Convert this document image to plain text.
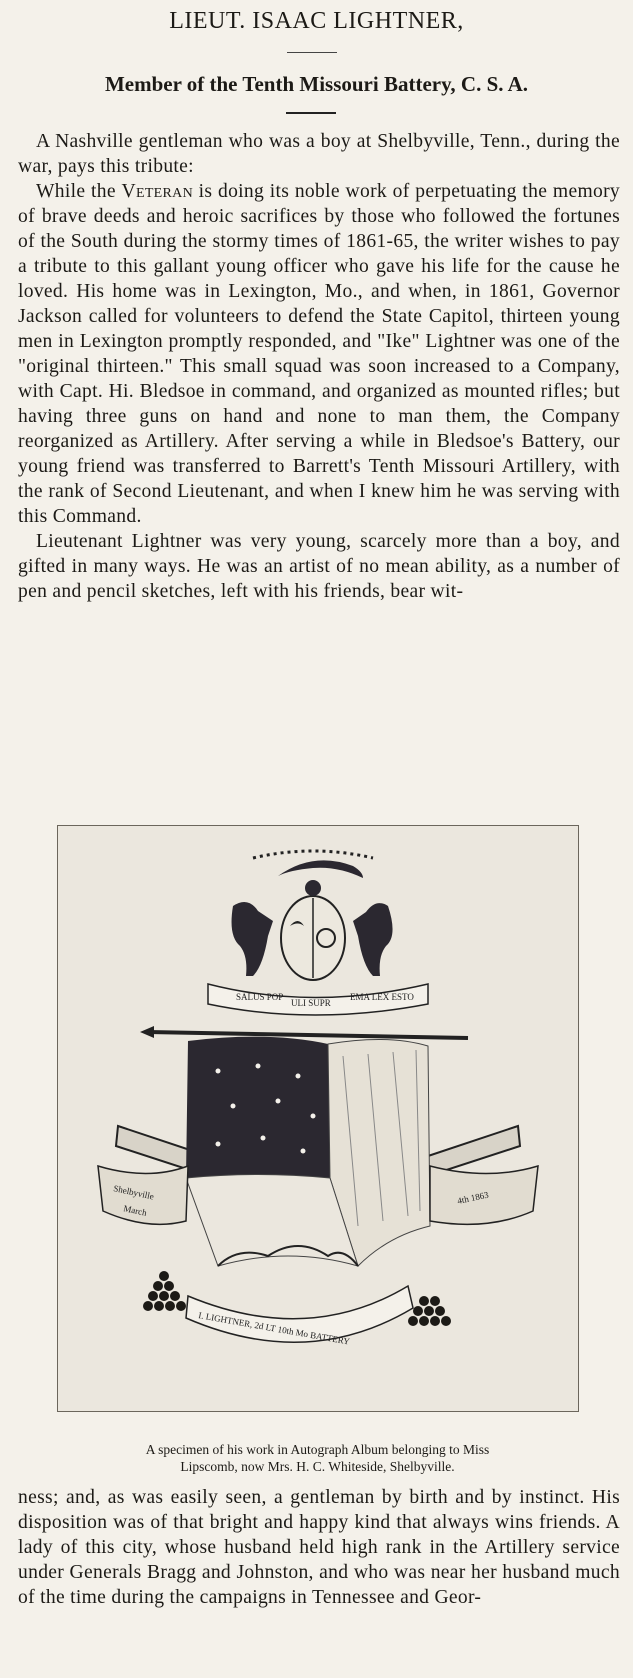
LIEUT. ISAAC LIGHTNER,
Member of the Tenth Missouri Battery, C. S. A.

A Nashville gentleman who was a boy at Shelbyville, Tenn., during the war, pays this tribute:

While the Veteran is doing its noble work of perpetuating the memory of brave deeds and heroic sacrifices by those who followed the fortunes of the South during the stormy times of 1861-65, the writer wishes to pay a tribute to this gallant young officer who gave his life for the cause he loved. His home was in Lexington, Mo., and when, in 1861, Governor Jackson called for volunteers to defend the State Capitol, thirteen young men in Lexington promptly responded, and "Ike" Lightner was one of the "original thirteen." This small squad was soon increased to a Company, with Capt. Hi. Bledsoe in command, and organized as mounted rifles; but having three guns on hand and none to man them, the Company reorganized as Artillery. After serving a while in Bledsoe's Battery, our young friend was transferred to Barrett's Tenth Missouri Artillery, with the rank of Second Lieutenant, and when I knew him he was serving with this Command.

Lieutenant Lightner was very young, scarcely more than a boy, and gifted in many ways. He was an artist of no mean ability, as a number of pen and pencil sketches, left with his friends, bear wit-

SALUS POP
ULI SUPR
EMA LEX ESTO
Shelbyville
March
4th 1863
I. LIGHTNER, 2d LT 10th Mo BATTERY
A specimen of his work in Autograph Album belonging to Miss
Lipscomb, now Mrs. H. C. Whiteside, Shelbyville.

ness; and, as was easily seen, a gentleman by birth and by instinct. His disposition was of that bright and happy kind that always wins friends. A lady of this city, whose husband held high rank in the Artillery service under Generals Bragg and Johnston, and who was near her husband much of the time during the campaigns in Tennessee and Geor-
